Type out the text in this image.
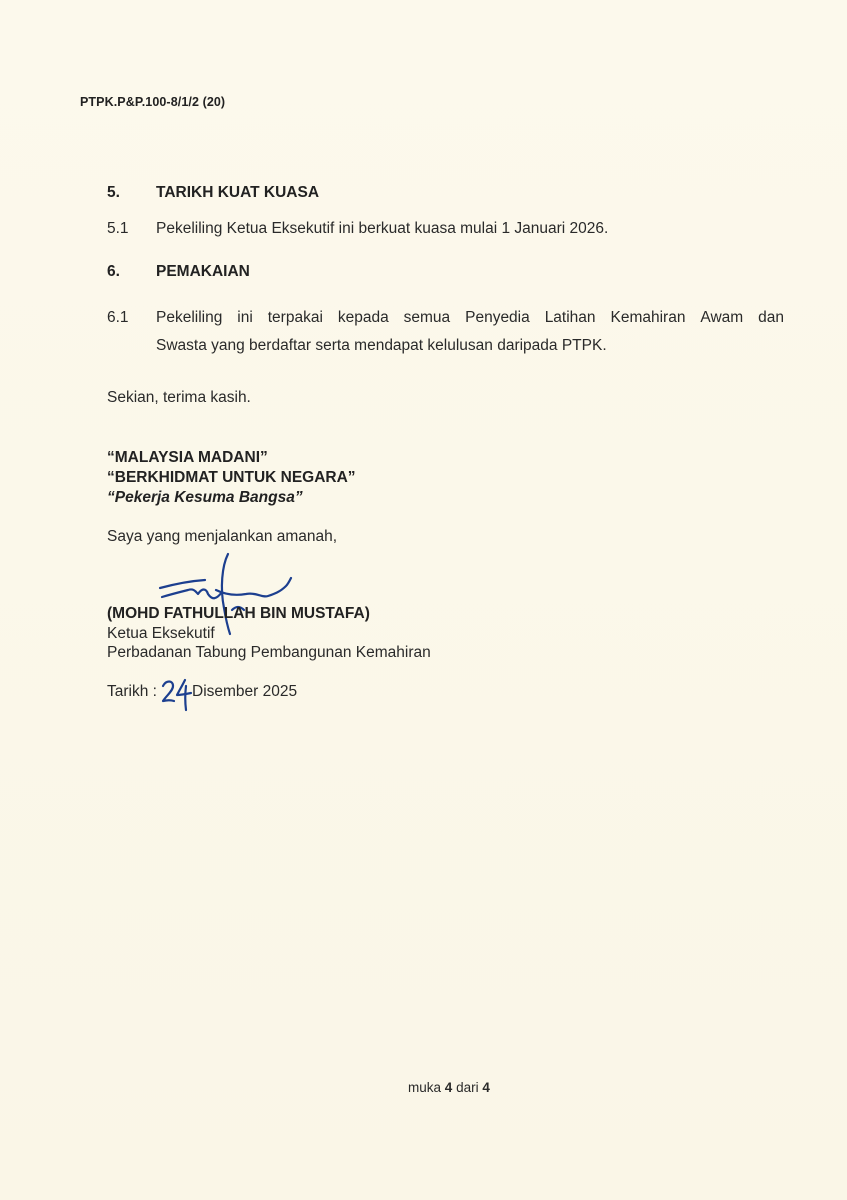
PTPK.P&P.100-8/1/2 (20)
5. TARIKH KUAT KUASA
5.1 Pekeliling Ketua Eksekutif ini berkuat kuasa mulai 1 Januari 2026.
6. PEMAKAIAN
6.1 Pekeliling ini terpakai kepada semua Penyedia Latihan Kemahiran Awam dan
Swasta yang berdaftar serta mendapat kelulusan daripada PTPK.
Sekian, terima kasih.
“MALAYSIA MADANI”
“BERKHIDMAT UNTUK NEGARA”
“Pekerja Kesuma Bangsa”
Saya yang menjalankan amanah,
(MOHD FATHULLAH BIN MUSTAFA)
Ketua Eksekutif
Perbadanan Tabung Pembangunan Kemahiran
Tarikh : Disember 2025
muka 4 dari 4
